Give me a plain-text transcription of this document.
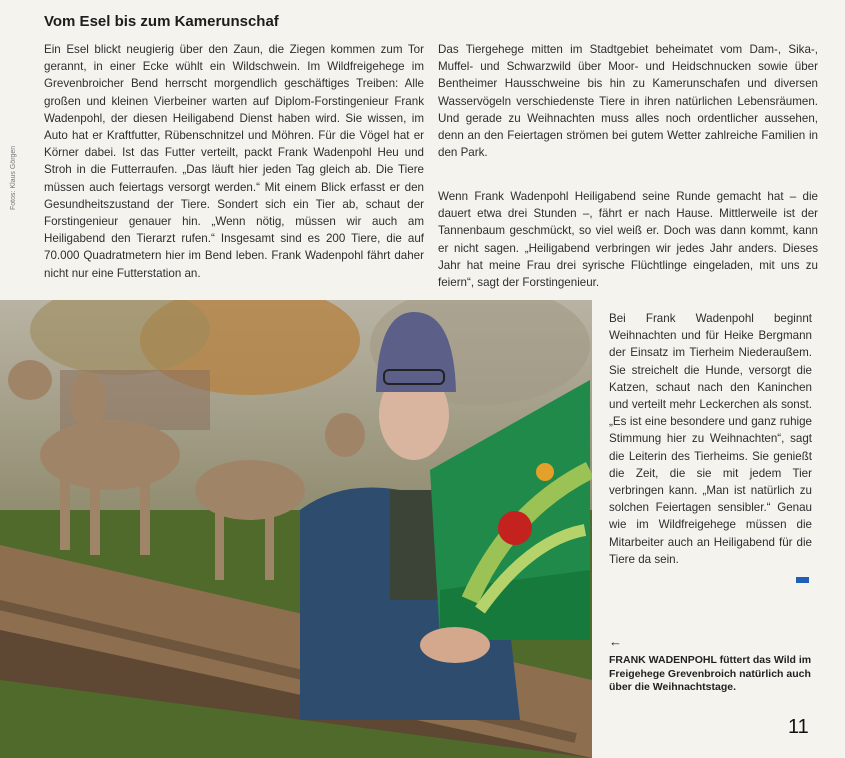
Vom Esel bis zum Kamerunschaf

Ein Esel blickt neugierig über den Zaun, die Ziegen kommen zum Tor gerannt, in einer Ecke wühlt ein Wildschwein. Im Wildfreigehege im Grevenbroicher Bend herrscht morgendlich geschäftiges Treiben: Alle großen und kleinen Vierbeiner warten auf Diplom-Forstingenieur Frank Wadenpohl, der diesen Heiligabend Dienst haben wird. Sie wissen, im Auto hat er Kraftfutter, Rübenschnitzel und Möhren. Für die Vögel hat er Körner dabei. Ist das Futter verteilt, packt Frank Wadenpohl Heu und Stroh in die Futterraufen. „Das läuft hier jeden Tag gleich ab. Die Tiere müssen auch feiertags versorgt werden.“ Mit einem Blick erfasst er den Gesundheitszustand der Tiere. Sondert sich ein Tier ab, schaut der Forstingenieur genauer hin. „Wenn nötig, müssen wir auch am Heiligabend den Tierarzt rufen.“ Insgesamt sind es 200 Tiere, die auf 70.000 Quadratmetern hier im Bend leben. Frank Wadenpohl fährt daher nicht nur eine Futterstation an.

Das Tiergehege mitten im Stadtgebiet beheimatet vom Dam-, Sika-, Muffel- und Schwarzwild über Moor- und Heidschnucken sowie über Bentheimer Hausschweine bis hin zu Kamerunschafen und diversen Wasservögeln verschiedenste Tiere in ihren natürlichen Lebensräumen. Und gerade zu Weihnachten muss alles noch ordentlicher aussehen, denn an den Feiertagen strömen bei gutem Wetter zahlreiche Familien in den Park.

Wenn Frank Wadenpohl Heiligabend seine Runde gemacht hat – die dauert etwa drei Stunden –, fährt er nach Hause. Mittlerweile ist der Tannenbaum geschmückt, so viel weiß er. Doch was dann kommt, kann er nicht sagen. „Heiligabend verbringen wir jedes Jahr anders. Dieses Jahr hat meine Frau drei syrische Flüchtlinge eingeladen, mit uns zu feiern“, sagt der Forstingenieur.

Bei Frank Wadenpohl beginnt Weihnachten und für Heike Bergmann der Einsatz im Tierheim Niederaußem. Sie streichelt die Hunde, versorgt die Katzen, schaut nach den Kaninchen und verteilt mehr Leckerchen als sonst. „Es ist eine besondere und ganz ruhige Stimmung hier zu Weihnachten“, sagt die Leiterin des Tierheims. Sie genießt die Zeit, die sie mit jedem Tier verbringen kann. „Man ist natürlich zu solchen Feiertagen sensibler.“ Genau wie im Wildfreigehege müssen die Mitarbeiter auch an Heiligabend für die Tiere da sein.

Fotos: Klaus Görgen
←
FRANK WADENPOHL füttert das Wild im Freigehege Grevenbroich natürlich auch über die Weihnachtstage.
11
